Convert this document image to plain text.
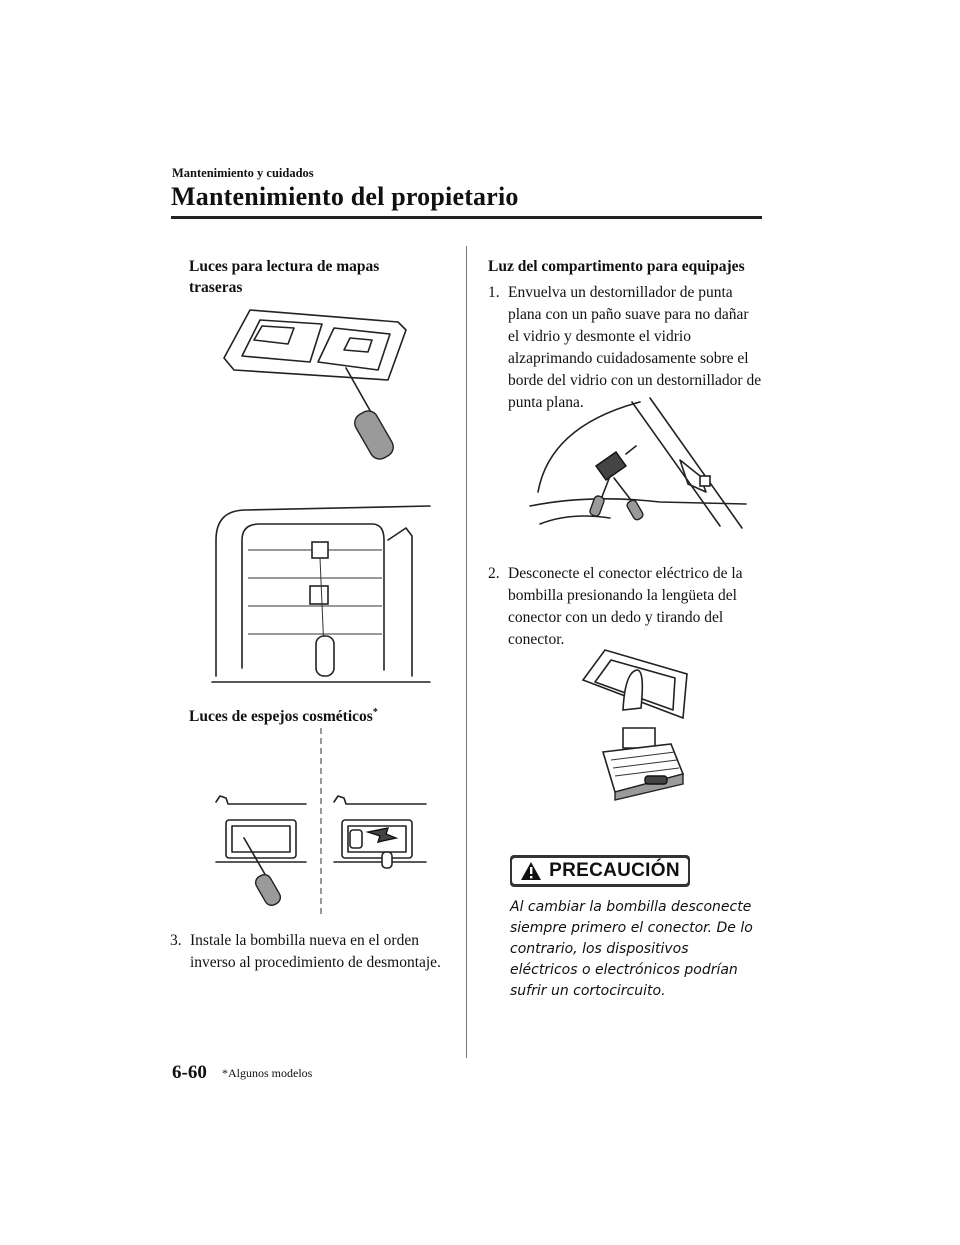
Mantenimiento y cuidados
Mantenimiento del propietario
Luces para lectura de mapas
traseras
Luces de espejos cosméticos*
3. Instale la bombilla nueva en el orden inverso al procedimiento de desmontaje.
Luz del compartimento para equipajes
1. Envuelva un destornillador de punta plana con un paño suave para no dañar el vidrio y desmonte el vidrio alzaprimando cuidadosamente sobre el borde del vidrio con un destornillador de punta plana.
2. Desconecte el conector eléctrico de la bombilla presionando la lengüeta del conector con un dedo y tirando del conector.
PRECAUCIÓN
Al cambiar la bombilla desconecte siempre primero el conector. De lo contrario, los dispositivos eléctricos o electrónicos podrían sufrir un cortocircuito.
6-60 *Algunos modelos
